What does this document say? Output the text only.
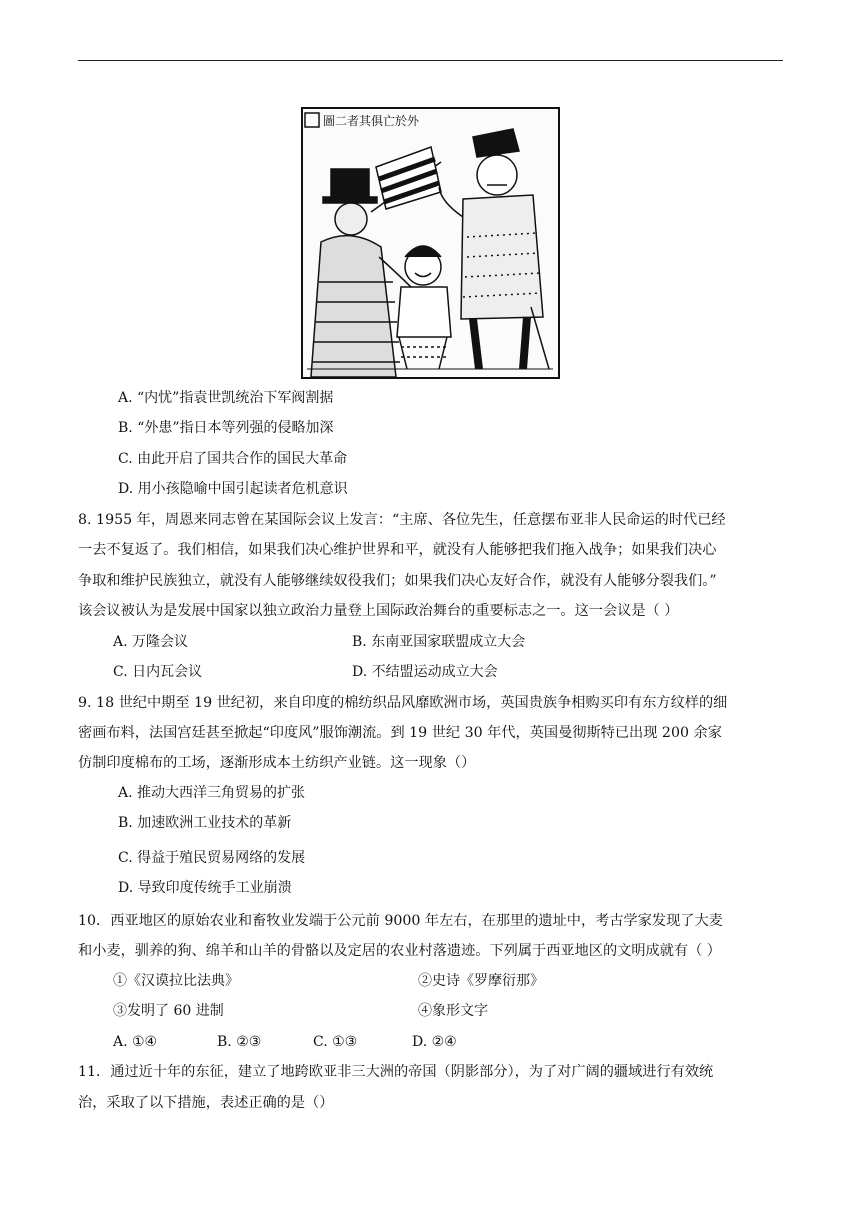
圖二者其俱亡於外
A. “内忧”指袁世凯统治下军阀割据
B. “外患”指日本等列强的侵略加深
C. 由此开启了国共合作的国民大革命
D. 用小孩隐喻中国引起读者危机意识
8. 1955 年，周恩来同志曾在某国际会议上发言：“主席、各位先生，任意摆布亚非人民命运的时代已经
一去不复返了。我们相信，如果我们决心维护世界和平，就没有人能够把我们拖入战争；如果我们决心
争取和维护民族独立，就没有人能够继续奴役我们；如果我们决心友好合作，就没有人能够分裂我们。”
该会议被认为是发展中国家以独立政治力量登上国际政治舞台的重要标志之一。这一会议是（ ）
A. 万隆会议	B. 东南亚国家联盟成立大会
C. 日内瓦会议	D. 不结盟运动成立大会
9. 18 世纪中期至 19 世纪初，来自印度的棉纺织品风靡欧洲市场，英国贵族争相购买印有东方纹样的细
密画布料，法国宫廷甚至掀起“印度风”服饰潮流。到 19 世纪 30 年代，英国曼彻斯特已出现 200 余家
仿制印度棉布的工场，逐渐形成本土纺织产业链。这一现象（）
A. 推动大西洋三角贸易的扩张
B. 加速欧洲工业技术的革新
C. 得益于殖民贸易网络的发展
D. 导致印度传统手工业崩溃
10．西亚地区的原始农业和畜牧业发端于公元前 9000 年左右，在那里的遗址中，考古学家发现了大麦
和小麦，驯养的狗、绵羊和山羊的骨骼以及定居的农业村落遗迹。下列属于西亚地区的文明成就有（ ）
①《汉谟拉比法典》	②史诗《罗摩衍那》
③发明了 60 进制	④象形文字
A. ①④	B. ②③	C. ①③	D. ②④
11．通过近十年的东征，建立了地跨欧亚非三大洲的帝国（阴影部分），为了对广阔的疆域进行有效统
治，采取了以下措施，表述正确的是（）
